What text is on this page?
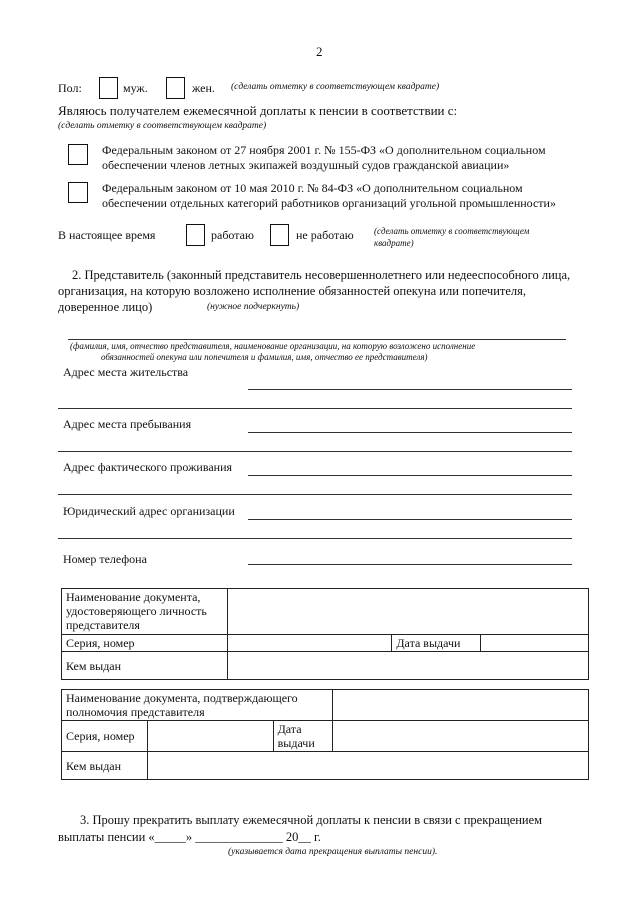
2
Пол:	муж.	жен. (сделать отметку в соответствующем квадрате)
Являюсь получателем ежемесячной доплаты к пенсии в соответствии с:
(сделать отметку в соответствующем квадрате)
Федеральным законом от 27 ноября 2001 г. № 155-ФЗ «О дополнительном социальном
обеспечении членов летных экипажей воздушный судов гражданской авиации»
Федеральным законом от 10 мая 2010 г. № 84-ФЗ «О дополнительном социальном
обеспечении отдельных категорий работников организаций угольной промышленности»
В настоящее время	работаю	не работаю (сделать отметку в соответствующем
квадрате)
2. Представитель (законный представитель несовершеннолетнего или недееспособного лица,
организация, на которую возложено исполнение обязанностей опекуна или попечителя,
доверенное лицо)	(нужное подчеркнуть)
(фамилия, имя, отчество представителя, наименование организации, на которую возложено исполнение
обязанностей опекуна или попечителя и фамилия, имя, отчество ее представителя)
Адрес места жительства
Адрес места пребывания
Адрес фактического проживания
Юридический адрес организации
Номер телефона
Наименование документа,
удостоверяющего личность
представителя			

Серия, номер		Дата выдачи	
Кем выдан			
Наименование документа, подтверждающего
полномочия представителя			

Серия, номер		Дата
выдачи	

Кем выдан			
3. Прошу прекратить выплату ежемесячной доплаты к пенсии в связи с прекращением
выплаты пенсии «_____» ______________ 20__ г.
(указывается дата прекращения выплаты пенсии).
